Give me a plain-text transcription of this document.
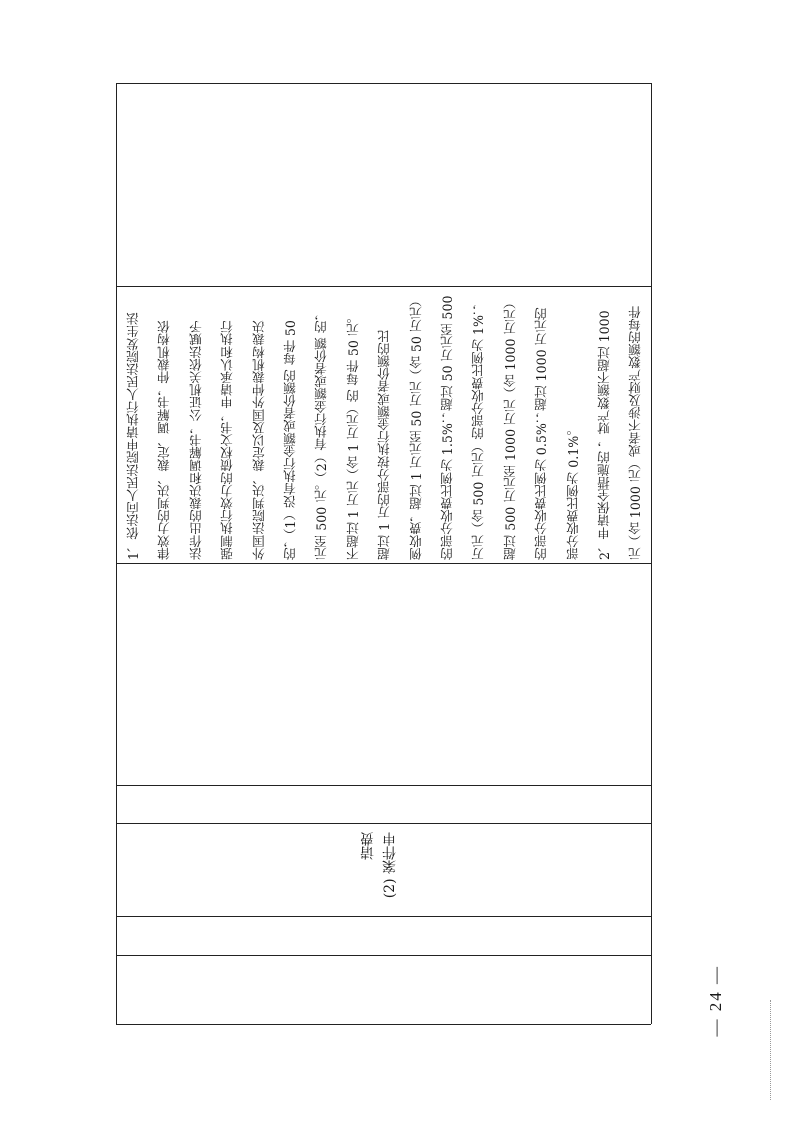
1、依法向人民法院申请执行人民法院发生法 律效力的判决、裁定、调解书，仲裁机构依 法作出的裁决和调解书，公证机关依法赋予 强制执行效力的债权文书，申请承认和执行 外国法院判决、裁定以及国外仲裁机构裁决 的，（1）没有执行金额或者价额的 每件 50 元至 500 元。（2）有执行金额或者价额 的， 不超过 1 万元（含 1 万元）的 每件 50 元。 超过 1 万的部分按执行金额或者价额的比 例收费，超过 1 万元至 50 万元（含 50 万元） 的部分收费比例为 1.5%；超过 50 万元至 500 万元（含 500 万元）的部分收费比例为 1%； 超过 500 万元至 1000 万元（含 1000 万元） 的部分收费比例为 0.5%；超过 1000 万元的 部分收费比例为 0.1%。 2、申请保全措施的 ，财产数额不超过 1000 元（含 1000 元）或者不涉及财产数额的每件
请费 (2) 案件申
— 24 —
